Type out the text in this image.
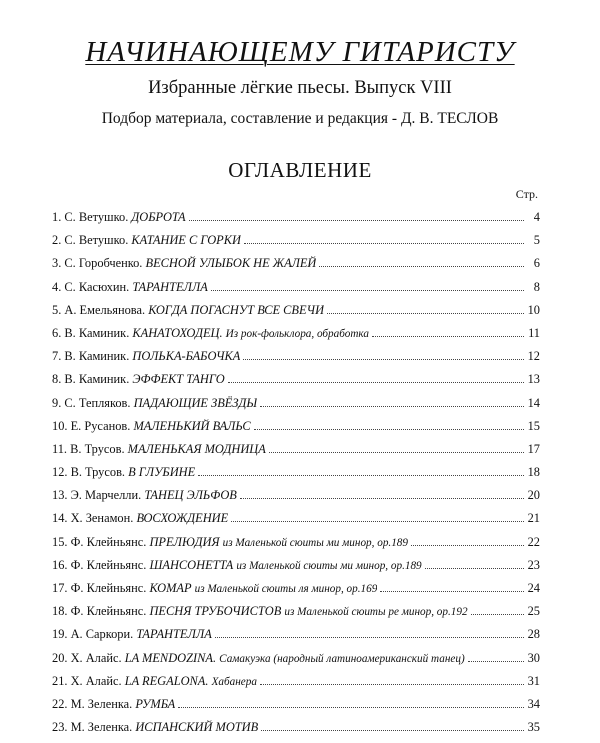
НАЧИНАЮЩЕМУ ГИТАРИСТУ
Избранные лёгкие пьесы. Выпуск VIII
Подбор материала, составление и редакция - Д. В. ТЕСЛОВ
ОГЛАВЛЕНИЕ
Стр.
1. С. Ветушко. ДОБРОТА	4
2. С. Ветушко. КАТАНИЕ С ГОРКИ	5
3. С. Горобченко. ВЕСНОЙ УЛЫБОК НЕ ЖАЛЕЙ	6
4. С. Касюхин. ТАРАНТЕЛЛА	8
5. А. Емельянова. КОГДА ПОГАСНУТ ВСЕ СВЕЧИ	10
6. В. Каминик. КАНАТОХОДЕЦ. Из рок-фольклора, обработка	11
7. В. Каминик. ПОЛЬКА-БАБОЧКА	12
8. В. Каминик. ЭФФЕКТ ТАНГО	13
9. С. Тепляков. ПАДАЮЩИЕ ЗВЁЗДЫ	14
10. Е. Русанов. МАЛЕНЬКИЙ ВАЛЬС	15
11. В. Трусов. МАЛЕНЬКАЯ МОДНИЦА	17
12. В. Трусов. В ГЛУБИНЕ	18
13. Э. Марчелли. ТАНЕЦ ЭЛЬФОВ	20
14. Х. Зенамон. ВОСХОЖДЕНИЕ	21
15. Ф. Клейньянс. ПРЕЛЮДИЯ из Маленькой сюиты ми минор, ор.189	22
16. Ф. Клейньянс. ШАНСОНЕТТА из Маленькой сюиты ми минор, ор.189	23
17. Ф. Клейньянс. КОМАР из Маленькой сюиты ля минор, ор.169	24
18. Ф. Клейньянс. ПЕСНЯ ТРУБОЧИСТОВ из Маленькой сюиты ре минор, ор.192	25
19. А. Саркори. ТАРАНТЕЛЛА	28
20. Х. Алайс. LA MENDOZINA. Самакуэка (народный латиноамериканский танец)	30
21. Х. Алайс. LA REGALONA. Хабанера	31
22. М. Зеленка. РУМБА	34
23. М. Зеленка. ИСПАНСКИЙ МОТИВ	35
